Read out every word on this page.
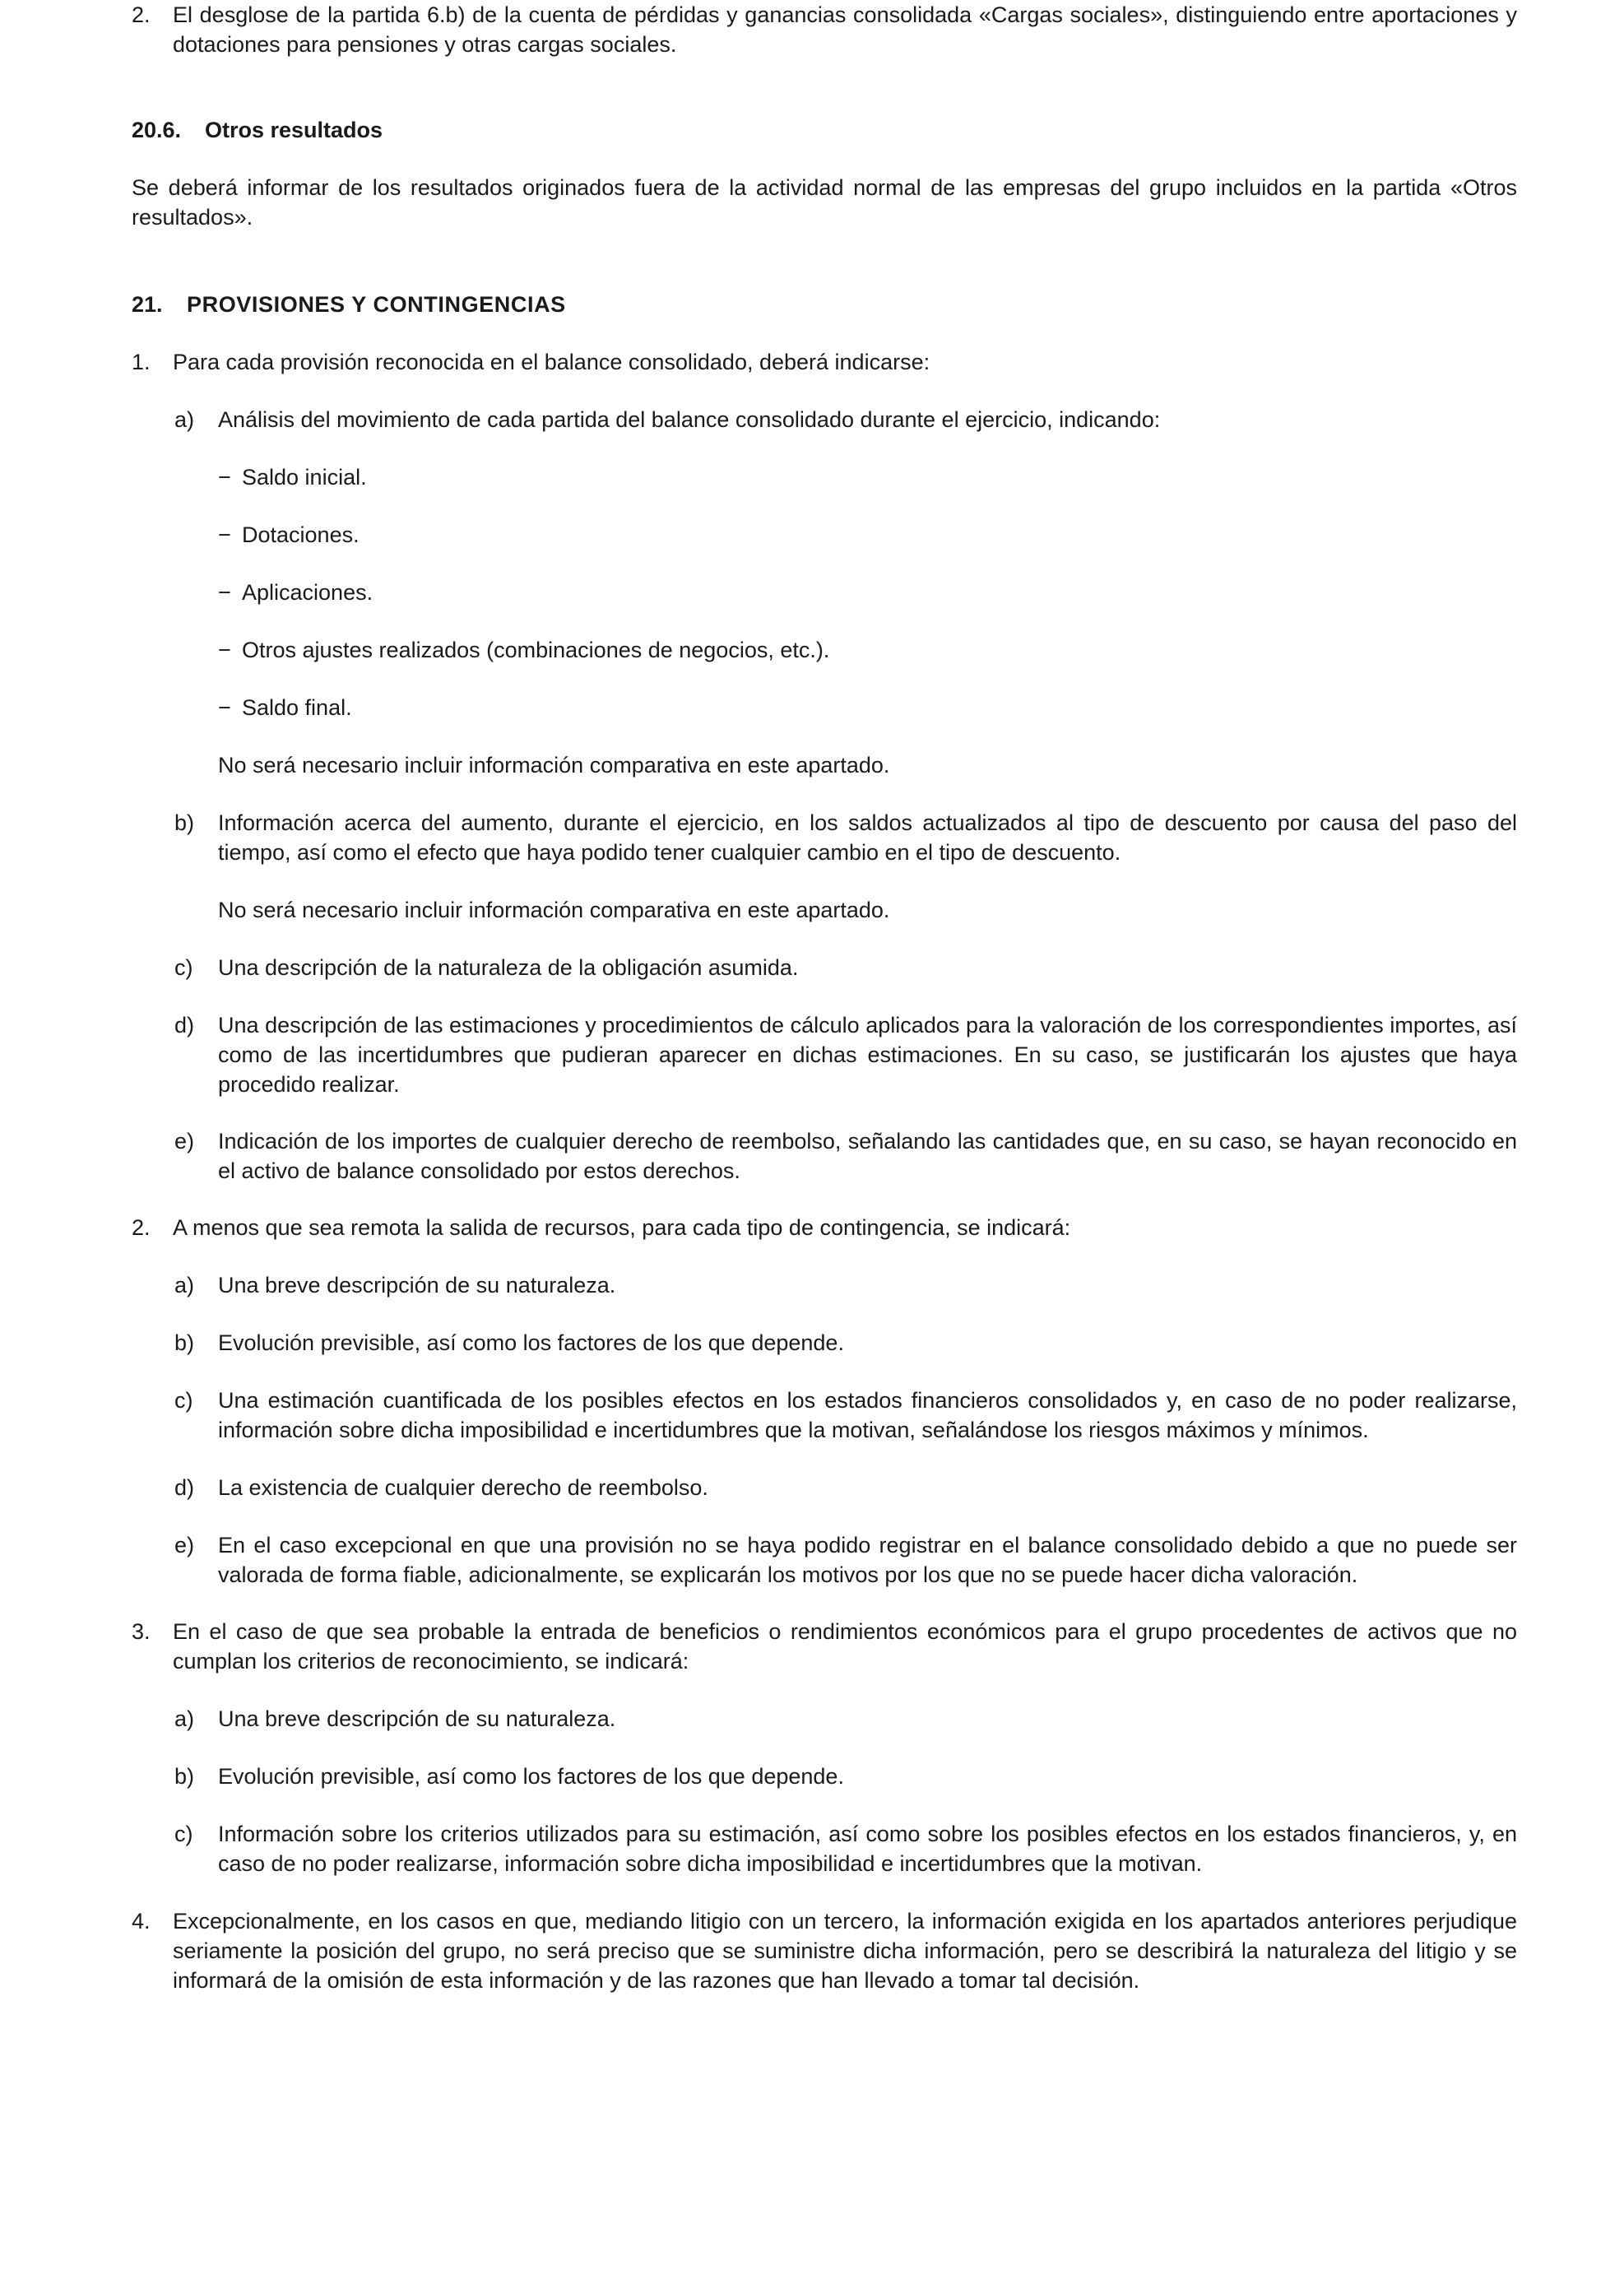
2. El desglose de la partida 6.b) de la cuenta de pérdidas y ganancias consolidada «Cargas sociales», distinguiendo entre aportaciones y dotaciones para pensiones y otras cargas sociales.

20.6. Otros resultados

Se deberá informar de los resultados originados fuera de la actividad normal de las empresas del grupo incluidos en la partida «Otros resultados».

21. PROVISIONES Y CONTINGENCIAS
1. Para cada provisión reconocida en el balance consolidado, deberá indicarse:

a) Análisis del movimiento de cada partida del balance consolidado durante el ejercicio, indicando:

− Saldo inicial.

− Dotaciones.

− Aplicaciones.

− Otros ajustes realizados (combinaciones de negocios, etc.).

− Saldo final.

No será necesario incluir información comparativa en este apartado.

b) Información acerca del aumento, durante el ejercicio, en los saldos actualizados al tipo de descuento por causa del paso del tiempo, así como el efecto que haya podido tener cualquier cambio en el tipo de descuento.

No será necesario incluir información comparativa en este apartado.

c) Una descripción de la naturaleza de la obligación asumida.

d) Una descripción de las estimaciones y procedimientos de cálculo aplicados para la valoración de los correspondientes importes, así como de las incertidumbres que pudieran aparecer en dichas estimaciones. En su caso, se justificarán los ajustes que haya procedido realizar.

e) Indicación de los importes de cualquier derecho de reembolso, señalando las cantidades que, en su caso, se hayan reconocido en el activo de balance consolidado por estos derechos.

2. A menos que sea remota la salida de recursos, para cada tipo de contingencia, se indicará:

a) Una breve descripción de su naturaleza.

b) Evolución previsible, así como los factores de los que depende.

c) Una estimación cuantificada de los posibles efectos en los estados financieros consolidados y, en caso de no poder realizarse, información sobre dicha imposibilidad e incertidumbres que la motivan, señalándose los riesgos máximos y mínimos.

d) La existencia de cualquier derecho de reembolso.

e) En el caso excepcional en que una provisión no se haya podido registrar en el balance consolidado debido a que no puede ser valorada de forma fiable, adicionalmente, se explicarán los motivos por los que no se puede hacer dicha valoración.

3. En el caso de que sea probable la entrada de beneficios o rendimientos económicos para el grupo procedentes de activos que no cumplan los criterios de reconocimiento, se indicará:

a) Una breve descripción de su naturaleza.

b) Evolución previsible, así como los factores de los que depende.

c) Información sobre los criterios utilizados para su estimación, así como sobre los posibles efectos en los estados financieros, y, en caso de no poder realizarse, información sobre dicha imposibilidad e incertidumbres que la motivan.

4. Excepcionalmente, en los casos en que, mediando litigio con un tercero, la información exigida en los apartados anteriores perjudique seriamente la posición del grupo, no será preciso que se suministre dicha información, pero se describirá la naturaleza del litigio y se informará de la omisión de esta información y de las razones que han llevado a tomar tal decisión.
